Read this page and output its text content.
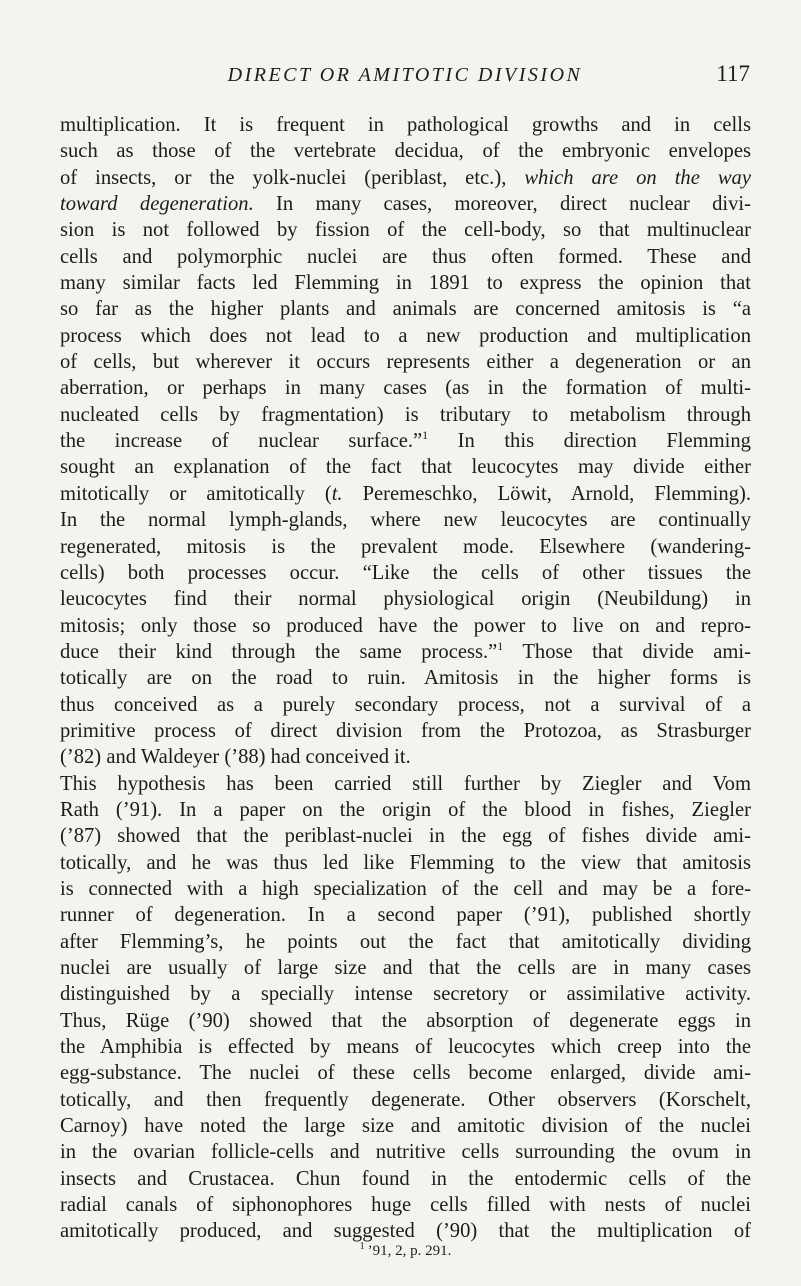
DIRECT OR AMITOTIC DIVISION	117
multiplication. It is frequent in pathological growths and in cells
such as those of the vertebrate decidua, of the embryonic envelopes
of insects, or the yolk-nuclei (periblast, etc.), which are on the way
toward degeneration. In many cases, moreover, direct nuclear divi-
sion is not followed by fission of the cell-body, so that multinuclear
cells and polymorphic nuclei are thus often formed. These and
many similar facts led Flemming in 1891 to express the opinion that
so far as the higher plants and animals are concerned amitosis is “a
process which does not lead to a new production and multiplication
of cells, but wherever it occurs represents either a degeneration or an
aberration, or perhaps in many cases (as in the formation of multi-
nucleated cells by fragmentation) is tributary to metabolism through
the increase of nuclear surface.”$^1$ In this direction Flemming
sought an explanation of the fact that leucocytes may divide either
mitotically or amitotically (t. Peremeschko, Löwit, Arnold, Flemming).
In the normal lymph-glands, where new leucocytes are continually
regenerated, mitosis is the prevalent mode. Elsewhere (wandering-
cells) both processes occur. “Like the cells of other tissues the
leucocytes find their normal physiological origin (Neubildung) in
mitosis; only those so produced have the power to live on and repro-
duce their kind through the same process.”$^1$ Those that divide ami-
totically are on the road to ruin. Amitosis in the higher forms is
thus conceived as a purely secondary process, not a survival of a
primitive process of direct division from the Protozoa, as Strasburger
(’82) and Waldeyer (’88) had conceived it.
This hypothesis has been carried still further by Ziegler and Vom
Rath (’91). In a paper on the origin of the blood in fishes, Ziegler
(’87) showed that the periblast-nuclei in the egg of fishes divide ami-
totically, and he was thus led like Flemming to the view that amitosis
is connected with a high specialization of the cell and may be a fore-
runner of degeneration. In a second paper (’91), published shortly
after Flemming’s, he points out the fact that amitotically dividing
nuclei are usually of large size and that the cells are in many cases
distinguished by a specially intense secretory or assimilative activity.
Thus, Rüge (’90) showed that the absorption of degenerate eggs in
the Amphibia is effected by means of leucocytes which creep into the
egg-substance. The nuclei of these cells become enlarged, divide ami-
totically, and then frequently degenerate. Other observers (Korschelt,
Carnoy) have noted the large size and amitotic division of the nuclei
in the ovarian follicle-cells and nutritive cells surrounding the ovum in
insects and Crustacea. Chun found in the entodermic cells of the
radial canals of siphonophores huge cells filled with nests of nuclei
amitotically produced, and suggested (’90) that the multiplication of
$^1$ ’91, 2, p. 291.
